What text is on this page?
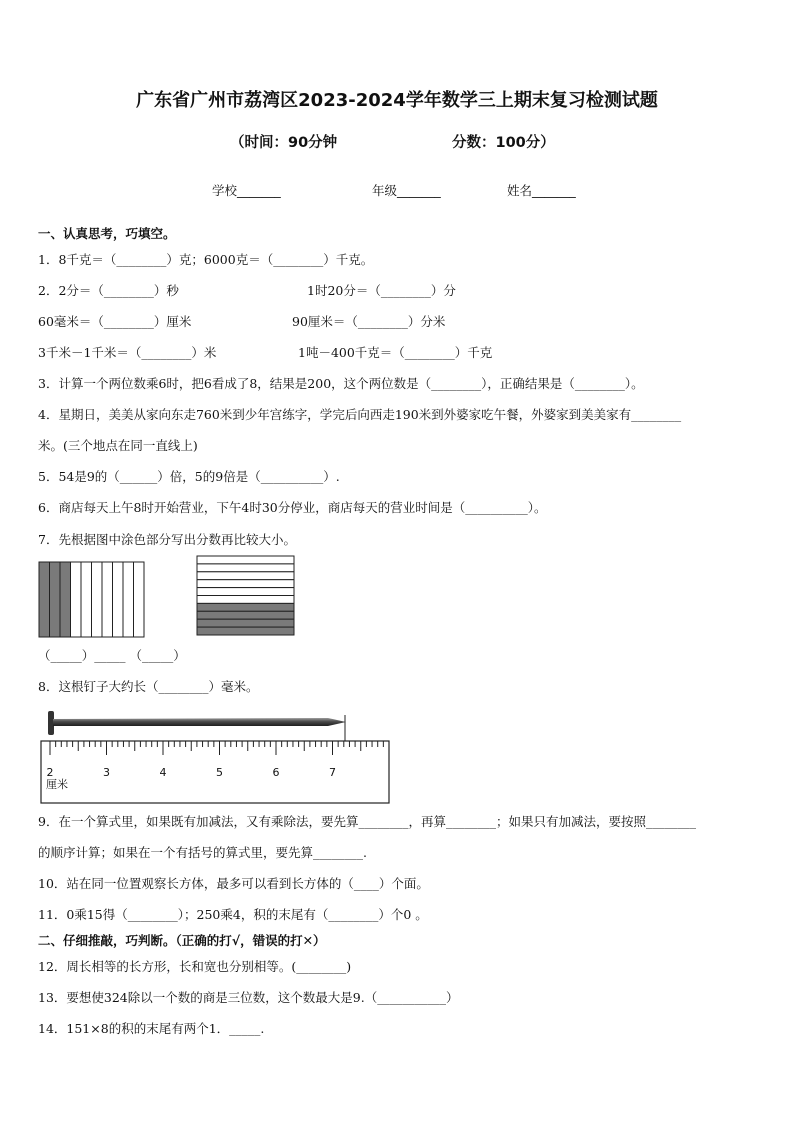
广东省广州市荔湾区2023-2024学年数学三上期末复习检测试题
（时间：90分钟	分数：100分）
学校_______	年级_______	姓名_______
一、认真思考，巧填空。
1．8千克＝（________）克；6000克＝（________）千克。
2．2分＝（________）秒	1时20分＝（________）分
60毫米＝（________）厘米	90厘米＝（________）分米
3千米－1千米＝（________）米	1吨－400千克＝（________）千克
3．计算一个两位数乘6时，把6看成了8，结果是200，这个两位数是（________），正确结果是（________）。
4．星期日，美美从家向东走760米到少年宫练字，学完后向西走190米到外婆家吃午餐，外婆家到美美家有________
米。(三个地点在同一直线上)
5．54是9的（______）倍，5的9倍是（__________）.
6．商店每天上午8时开始营业，下午4时30分停业，商店每天的营业时间是（__________）。
7．先根据图中涂色部分写出分数再比较大小。
（_____）_____ （_____）
8．这根钉子大约长（________）毫米。
2	3	4	5	6	7
厘米
9．在一个算式里，如果既有加减法，又有乘除法，要先算________，再算________；如果只有加减法，要按照________
的顺序计算；如果在一个有括号的算式里，要先算________.
10．站在同一位置观察长方体，最多可以看到长方体的（____）个面。
11．0乘15得（________）；250乘4，积的末尾有（________）个0 。
二、仔细推敲，巧判断。（正确的打√，错误的打✕）
12．周长相等的长方形，长和宽也分别相等。(________)
13．要想使324除以一个数的商是三位数，这个数最大是9.（___________）
14．151×8的积的末尾有两个1．_____.
